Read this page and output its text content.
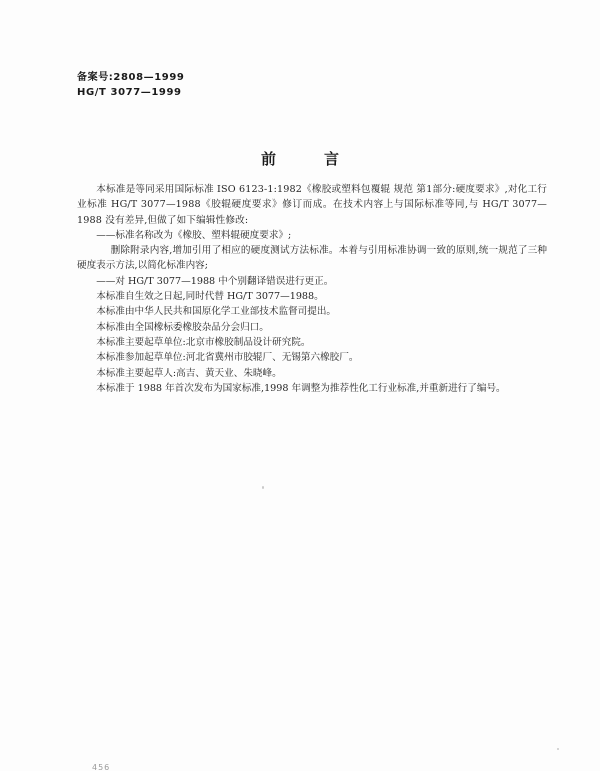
备案号:2808—1999
HG/T 3077—1999
前言

本标准是等同采用国际标准 ISO 6123-1:1982《橡胶或塑料包覆辊 规范 第1部分:硬度要求》,对化工行业标准 HG/T 3077—1988《胶辊硬度要求》修订而成。在技术内容上与国际标准等同,与 HG/T 3077—1988 没有差异,但做了如下编辑性修改:

——标准名称改为《橡胶、塑料辊硬度要求》;

删除附录内容,增加引用了相应的硬度测试方法标准。本着与引用标准协调一致的原则,统一规范了三种硬度表示方法,以简化标准内容;

——对 HG/T 3077—1988 中个别翻译错误进行更正。

本标准自生效之日起,同时代替 HG/T 3077—1988。

本标准由中华人民共和国原化学工业部技术监督司提出。

本标准由全国橡标委橡胶杂品分会归口。

本标准主要起草单位:北京市橡胶制品设计研究院。

本标准参加起草单位:河北省冀州市胶辊厂、无锡第六橡胶厂。

本标准主要起草人:高吉、黄天业、朱晓峰。

本标准于 1988 年首次发布为国家标准,1998 年调整为推荐性化工行业标准,并重新进行了编号。

456
